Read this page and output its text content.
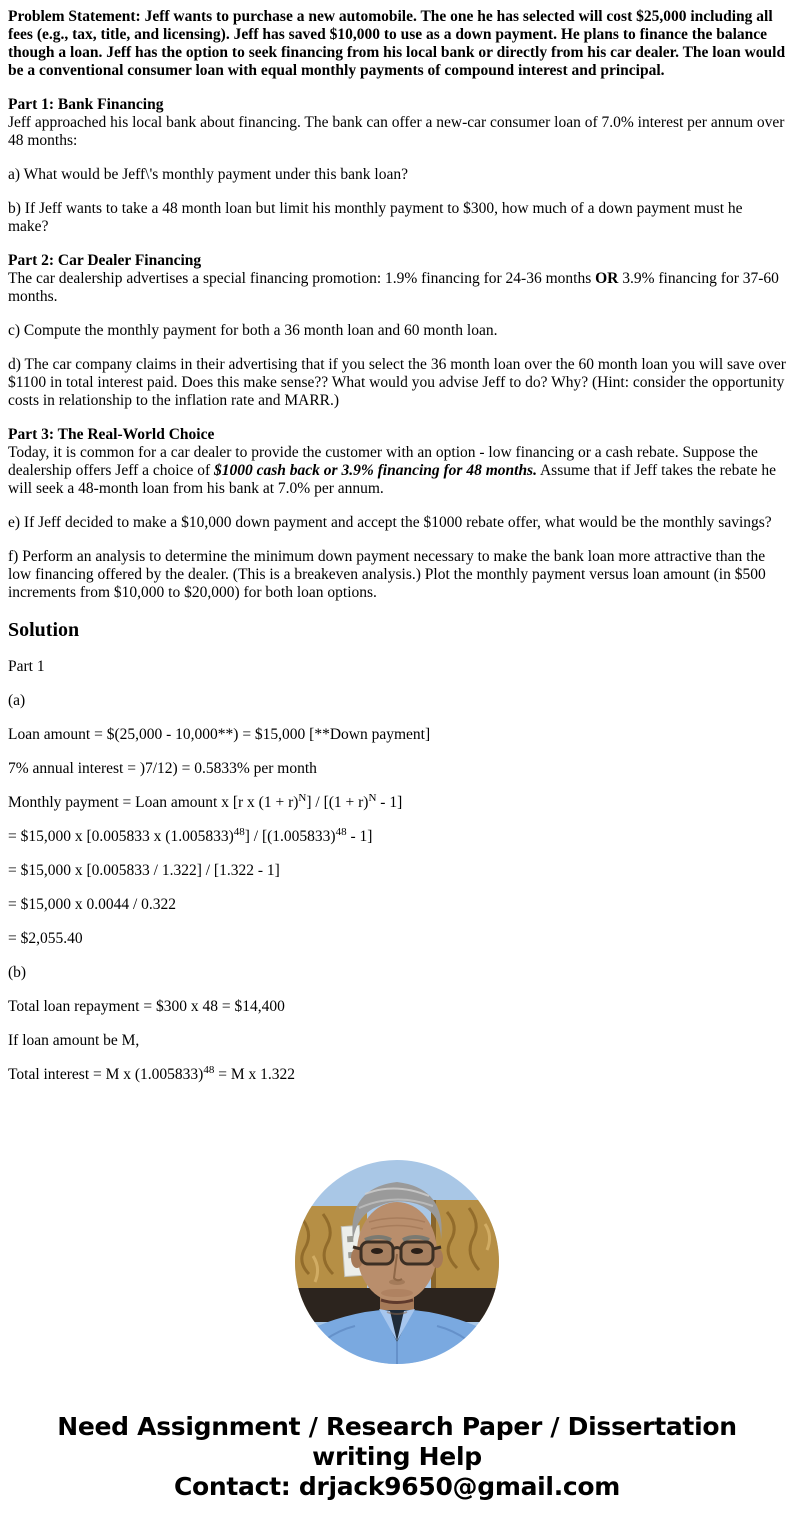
Problem Statement: Jeff wants to purchase a new automobile. The one he has selected will cost $25,000 including all fees (e.g., tax, title, and licensing). Jeff has saved $10,000 to use as a down payment. He plans to finance the balance though a loan. Jeff has the option to seek financing from his local bank or directly from his car dealer. The loan would be a conventional consumer loan with equal monthly payments of compound interest and principal.

Part 1: Bank Financing
Jeff approached his local bank about financing. The bank can offer a new-car consumer loan of 7.0% interest per annum over 48 months:

a) What would be Jeff\'s monthly payment under this bank loan?

b) If Jeff wants to take a 48 month loan but limit his monthly payment to $300, how much of a down payment must he make?

Part 2: Car Dealer Financing
The car dealership advertises a special financing promotion: 1.9% financing for 24-36 months OR 3.9% financing for 37-60 months.

c) Compute the monthly payment for both a 36 month loan and 60 month loan.

d) The car company claims in their advertising that if you select the 36 month loan over the 60 month loan you will save over $1100 in total interest paid. Does this make sense?? What would you advise Jeff to do? Why? (Hint: consider the opportunity costs in relationship to the inflation rate and MARR.)

Part 3: The Real-World Choice
Today, it is common for a car dealer to provide the customer with an option - low financing or a cash rebate. Suppose the dealership offers Jeff a choice of $1000 cash back or 3.9% financing for 48 months. Assume that if Jeff takes the rebate he will seek a 48-month loan from his bank at 7.0% per annum.

e) If Jeff decided to make a $10,000 down payment and accept the $1000 rebate offer, what would be the monthly savings?

f) Perform an analysis to determine the minimum down payment necessary to make the bank loan more attractive than the low financing offered by the dealer. (This is a breakeven analysis.) Plot the monthly payment versus loan amount (in $500 increments from $10,000 to $20,000) for both loan options.

Solution

Part 1

(a)

Loan amount = $(25,000 - 10,000**) = $15,000 [**Down payment]

7% annual interest = )7/12) = 0.5833% per month

Monthly payment = Loan amount x [r x $(1 + r)^N] / [(1 + r)^N - 1]$

= $15,000 x [0.005833 x $(1.005833)^{48}] / [(1.005833)^{48} - 1]$

= $15,000 x [0.005833 / 1.322] / [1.322 - 1]

= $15,000 x 0.0044 / 0.322

= $2,055.40

(b)

Total loan repayment = $300 x 48 = $14,400

If loan amount be M,

Total interest = M x $(1.005833)^{48} = M$ x 1.322

Need Assignment / Research Paper / Dissertation
writing Help
Contact: drjack9650@gmail.com
